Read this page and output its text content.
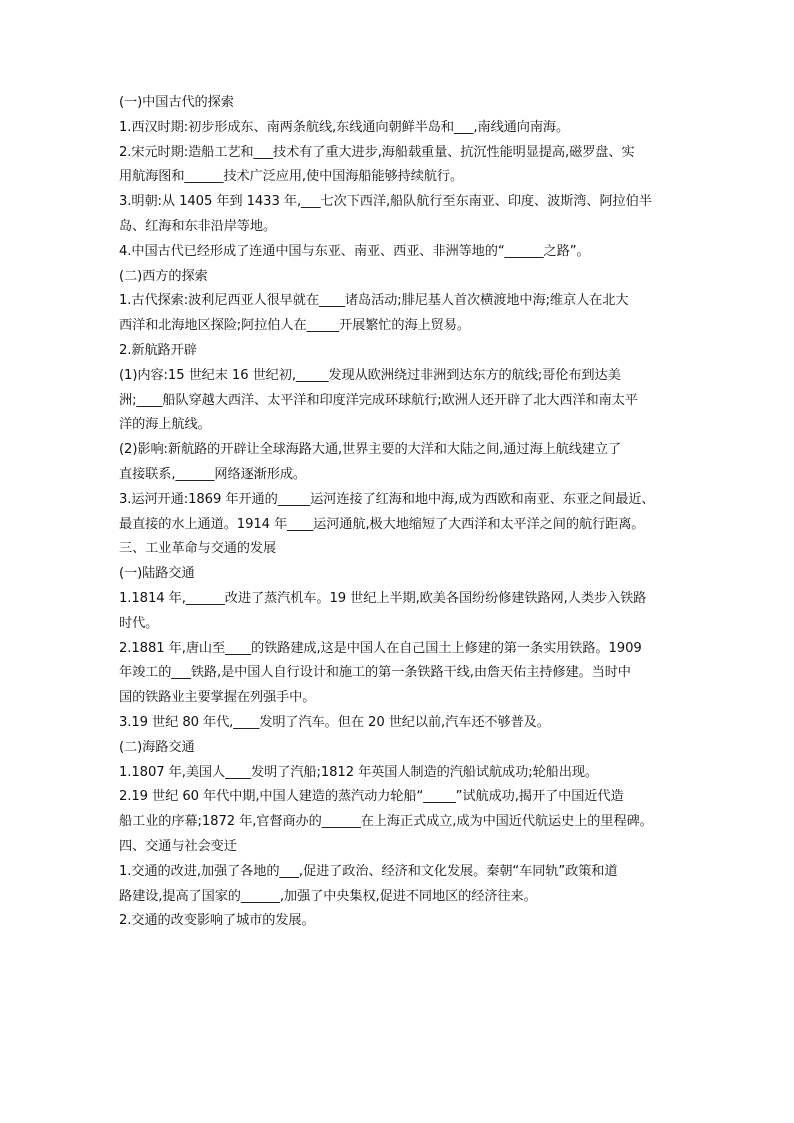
(一)中国古代的探索
1.西汉时期:初步形成东、南两条航线,东线通向朝鲜半岛和___,南线通向南海。
2.宋元时期:造船工艺和___技术有了重大进步,海船载重量、抗沉性能明显提高,磁罗盘、实
用航海图和______技术广泛应用,使中国海船能够持续航行。
3.明朝:从 1405 年到 1433 年,___七次下西洋,船队航行至东南亚、印度、波斯湾、阿拉伯半
岛、红海和东非沿岸等地。
4.中国古代已经形成了连通中国与东亚、南亚、西亚、非洲等地的“______之路”。
(二)西方的探索
1.古代探索:波利尼西亚人很早就在____诸岛活动;腓尼基人首次横渡地中海;维京人在北大
西洋和北海地区探险;阿拉伯人在_____开展繁忙的海上贸易。
2.新航路开辟
(1)内容:15 世纪末 16 世纪初,_____发现从欧洲绕过非洲到达东方的航线;哥伦布到达美
洲;____船队穿越大西洋、太平洋和印度洋完成环球航行;欧洲人还开辟了北大西洋和南太平
洋的海上航线。
(2)影响:新航路的开辟让全球海路大通,世界主要的大洋和大陆之间,通过海上航线建立了
直接联系,______网络逐渐形成。
3.运河开通:1869 年开通的_____运河连接了红海和地中海,成为西欧和南亚、东亚之间最近、
最直接的水上通道。1914 年____运河通航,极大地缩短了大西洋和太平洋之间的航行距离。
三、工业革命与交通的发展
(一)陆路交通
1.1814 年,______改进了蒸汽机车。19 世纪上半期,欧美各国纷纷修建铁路网,人类步入铁路
时代。
2.1881 年,唐山至____的铁路建成,这是中国人在自己国土上修建的第一条实用铁路。1909
年竣工的___铁路,是中国人自行设计和施工的第一条铁路干线,由詹天佑主持修建。当时中
国的铁路业主要掌握在列强手中。
3.19 世纪 80 年代,____发明了汽车。但在 20 世纪以前,汽车还不够普及。
(二)海路交通
1.1807 年,美国人____发明了汽船;1812 年英国人制造的汽船试航成功;轮船出现。
2.19 世纪 60 年代中期,中国人建造的蒸汽动力轮船“_____”试航成功,揭开了中国近代造
船工业的序幕;1872 年,官督商办的______在上海正式成立,成为中国近代航运史上的里程碑。
四、交通与社会变迁
1.交通的改进,加强了各地的___,促进了政治、经济和文化发展。秦朝“车同轨”政策和道
路建设,提高了国家的______,加强了中央集权,促进不同地区的经济往来。
2.交通的改变影响了城市的发展。
